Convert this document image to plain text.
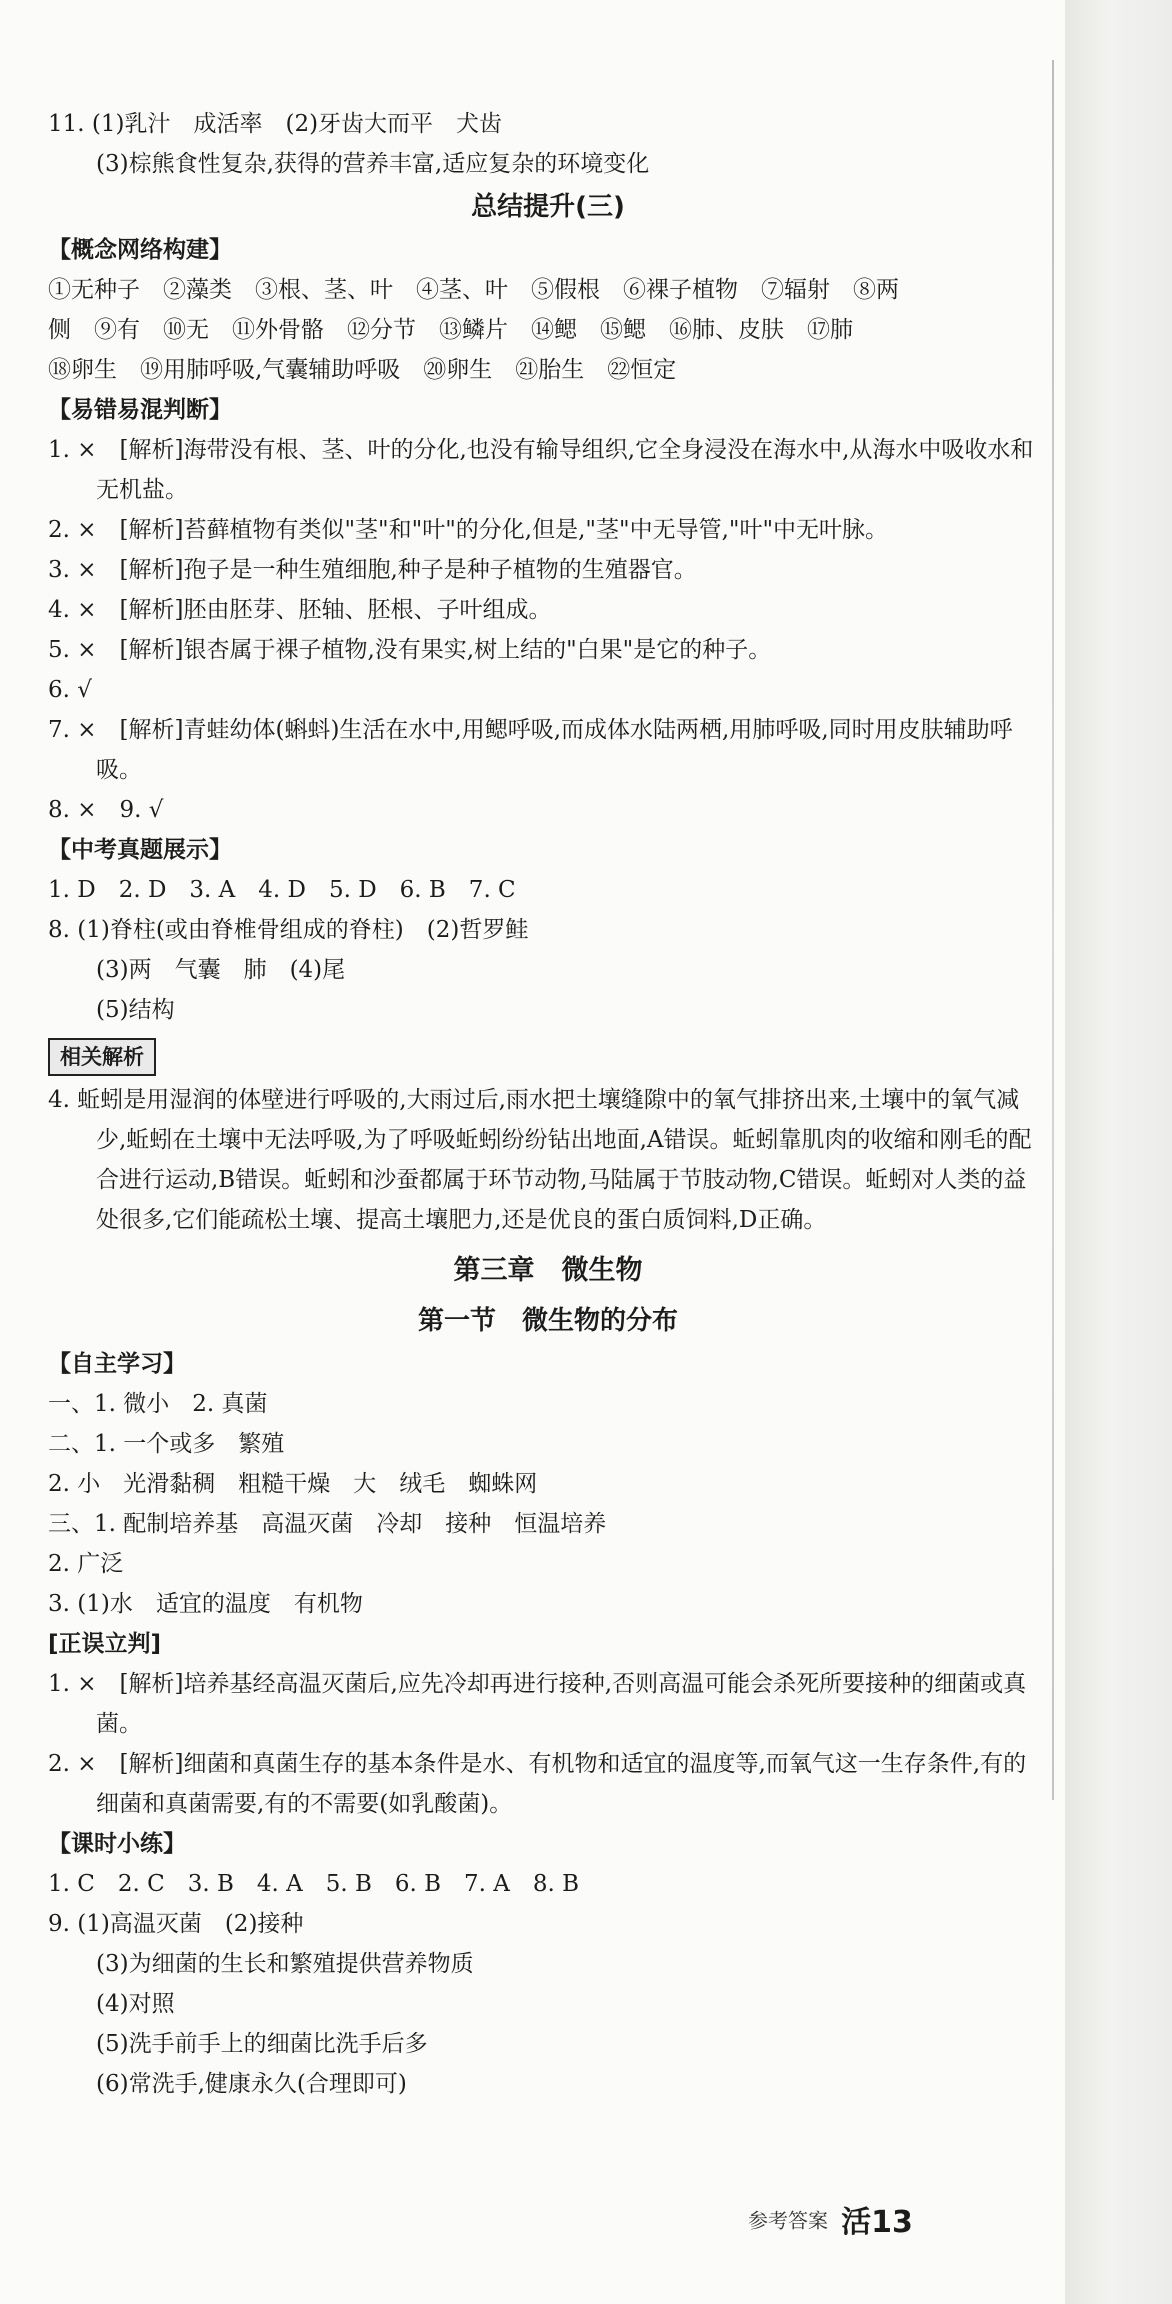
11. (1)乳汁　成活率　(2)牙齿大而平　犬齿
(3)棕熊食性复杂,获得的营养丰富,适应复杂的环境变化
总结提升(三)
【概念网络构建】
①无种子　②藻类　③根、茎、叶　④茎、叶　⑤假根　⑥裸子植物　⑦辐射　⑧两
侧　⑨有　⑩无　⑪外骨骼　⑫分节　⑬鳞片　⑭鳃　⑮鳃　⑯肺、皮肤　⑰肺
⑱卵生　⑲用肺呼吸,气囊辅助呼吸　⑳卵生　㉑胎生　㉒恒定
【易错易混判断】
1. ×　[解析]海带没有根、茎、叶的分化,也没有输导组织,它全身浸没在海水中,从海水中吸收水和无机盐。
2. ×　[解析]苔藓植物有类似"茎"和"叶"的分化,但是,"茎"中无导管,"叶"中无叶脉。
3. ×　[解析]孢子是一种生殖细胞,种子是种子植物的生殖器官。
4. ×　[解析]胚由胚芽、胚轴、胚根、子叶组成。
5. ×　[解析]银杏属于裸子植物,没有果实,树上结的"白果"是它的种子。
6. √
7. ×　[解析]青蛙幼体(蝌蚪)生活在水中,用鳃呼吸,而成体水陆两栖,用肺呼吸,同时用皮肤辅助呼吸。
8. ×　9. √
【中考真题展示】
1. D　2. D　3. A　4. D　5. D　6. B　7. C
8. (1)脊柱(或由脊椎骨组成的脊柱)　(2)哲罗鲑
(3)两　气囊　肺　(4)尾
(5)结构
相关解析
4. 蚯蚓是用湿润的体壁进行呼吸的,大雨过后,雨水把土壤缝隙中的氧气排挤出来,土壤中的氧气减少,蚯蚓在土壤中无法呼吸,为了呼吸蚯蚓纷纷钻出地面,A错误。蚯蚓靠肌肉的收缩和刚毛的配合进行运动,B错误。蚯蚓和沙蚕都属于环节动物,马陆属于节肢动物,C错误。蚯蚓对人类的益处很多,它们能疏松土壤、提高土壤肥力,还是优良的蛋白质饲料,D正确。
第三章　微生物
第一节　微生物的分布
【自主学习】
一、1. 微小　2. 真菌
二、1. 一个或多　繁殖
2. 小　光滑黏稠　粗糙干燥　大　绒毛　蜘蛛网
三、1. 配制培养基　高温灭菌　冷却　接种　恒温培养
2. 广泛
3. (1)水　适宜的温度　有机物
[正误立判]
1. ×　[解析]培养基经高温灭菌后,应先冷却再进行接种,否则高温可能会杀死所要接种的细菌或真菌。
2. ×　[解析]细菌和真菌生存的基本条件是水、有机物和适宜的温度等,而氧气这一生存条件,有的细菌和真菌需要,有的不需要(如乳酸菌)。
【课时小练】
1. C　2. C　3. B　4. A　5. B　6. B　7. A　8. B
9. (1)高温灭菌　(2)接种
(3)为细菌的生长和繁殖提供营养物质
(4)对照
(5)洗手前手上的细菌比洗手后多
(6)常洗手,健康永久(合理即可)
参考答案 活13
